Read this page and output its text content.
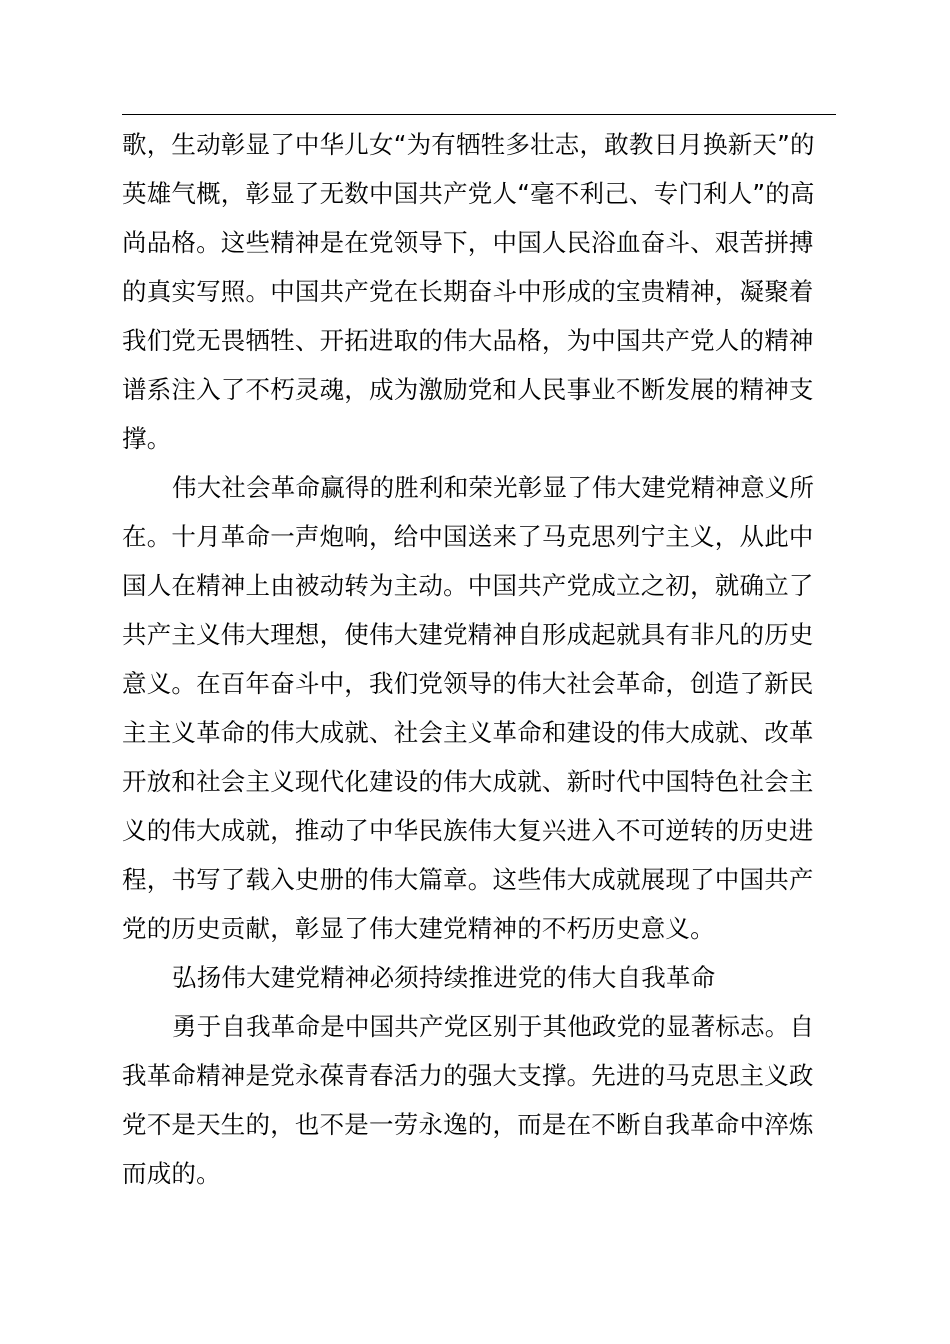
歌，生动彰显了中华儿女“为有牺牲多壮志，敢教日月换新天”的
英雄气概，彰显了无数中国共产党人“毫不利己、专门利人”的高
尚品格。这些精神是在党领导下，中国人民浴血奋斗、艰苦拼搏
的真实写照。中国共产党在长期奋斗中形成的宝贵精神，凝聚着
我们党无畏牺牲、开拓进取的伟大品格，为中国共产党人的精神
谱系注入了不朽灵魂，成为激励党和人民事业不断发展的精神支
撑。
伟大社会革命赢得的胜利和荣光彰显了伟大建党精神意义所
在。十月革命一声炮响，给中国送来了马克思列宁主义，从此中
国人在精神上由被动转为主动。中国共产党成立之初，就确立了
共产主义伟大理想，使伟大建党精神自形成起就具有非凡的历史
意义。在百年奋斗中，我们党领导的伟大社会革命，创造了新民
主主义革命的伟大成就、社会主义革命和建设的伟大成就、改革
开放和社会主义现代化建设的伟大成就、新时代中国特色社会主
义的伟大成就，推动了中华民族伟大复兴进入不可逆转的历史进
程，书写了载入史册的伟大篇章。这些伟大成就展现了中国共产
党的历史贡献，彰显了伟大建党精神的不朽历史意义。
弘扬伟大建党精神必须持续推进党的伟大自我革命
勇于自我革命是中国共产党区别于其他政党的显著标志。自
我革命精神是党永葆青春活力的强大支撑。先进的马克思主义政
党不是天生的，也不是一劳永逸的，而是在不断自我革命中淬炼
而成的。
